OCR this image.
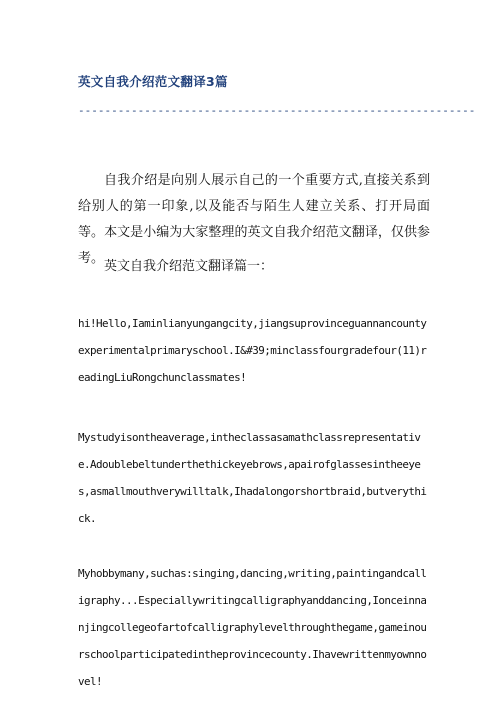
英文自我介绍范文翻译3篇
------------------------------------------------------------

自我介绍是向别人展示自己的一个重要方式,直接关系到给别人的第一印象,以及能否与陌生人建立关系、打开局面等。本文是小编为大家整理的英文自我介绍范文翻译，仅供参考。

英文自我介绍范文翻译篇一：

hi!Hello,Iaminlianyungangcity,jiangsuprovinceguannancountyexperimentalprimaryschool.I&#39;minclassfourgradefour(11)readingLiuRongchunclassmates!

Mystudyisontheaverage,intheclassasamathclassrepresentative.Adoublebeltunderthethickeyebrows,apairofglassesintheeyes,asmallmouthverywilltalk,Ihadalongorshortbraid,butverythick.

Myhobbymany,suchas:singing,dancing,writing,paintingandcalligraphy...Especiallywritingcalligraphyanddancing,Ionceinnanjingcollegeofartofcalligraphylevelthroughthegame,gameinourschoolparticipatedintheprovincecounty.Ihavewrittenmyownnovel!
